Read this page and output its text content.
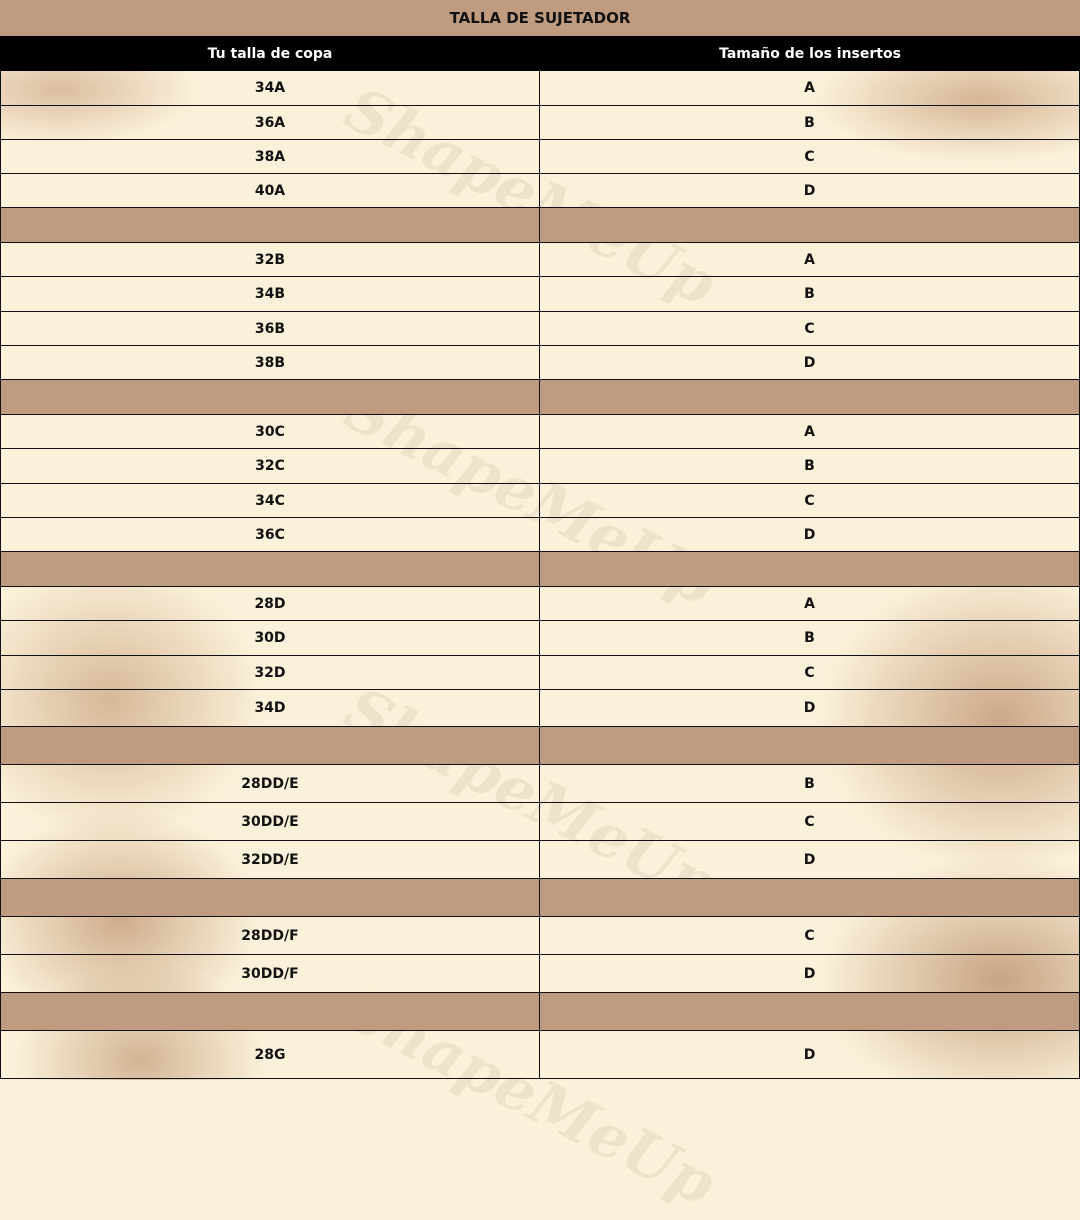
ShapeMeUp
TALLA DE SUJETADOR
Tu talla de copa	Tamaño de los insertos
34A	A
36A	B
38A	C
40A	D
32B	A
34B	B
36B	C
38B	D
30C	A
32C	B
34C	C
36C	D
28D	A
30D	B
32D	C
34D	D
28DD/E	B
30DD/E	C
32DD/E	D
28DD/F	C
30DD/F	D
28G	D
